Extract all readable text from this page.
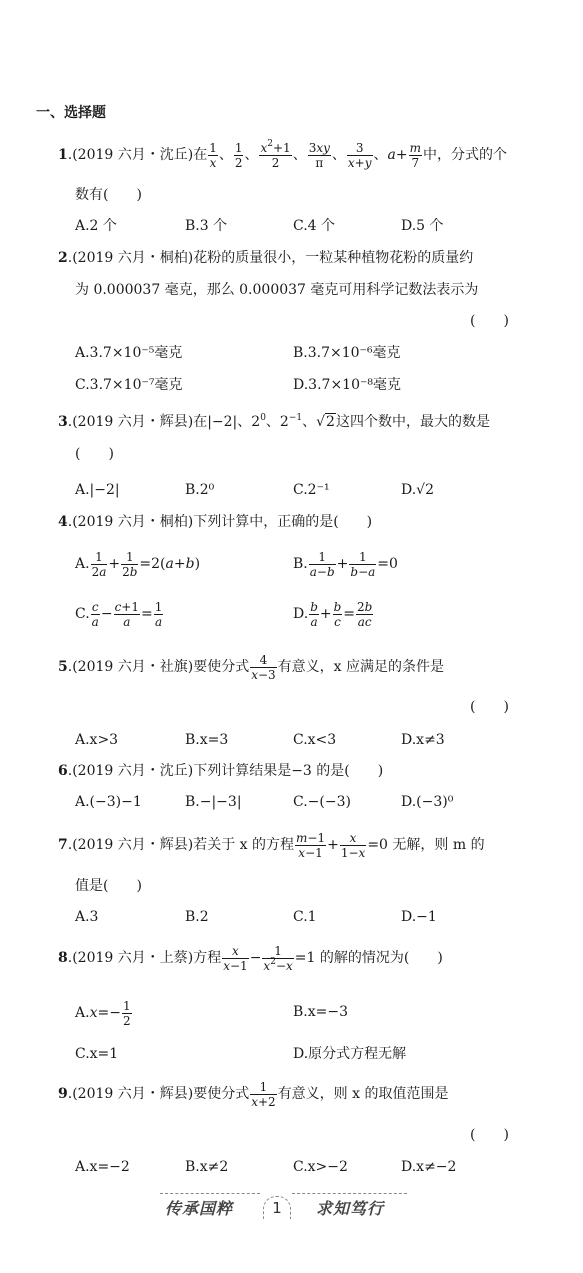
一、选择题
1.(2019 六月・沈丘)在 $\frac{1}{x}$ 、 $\frac{1}{2}$ 、 $\frac{x^2+1}{2}$ 、 $\frac{3xy}{\pi}$ 、 $\frac{3}{x+y}$ 、$a+ \frac{m}{7}$ 中，分式的个
数有(　　)
A.2 个	B.3 个	C.4 个	D.5 个
2.(2019 六月・桐柏)花粉的质量很小，一粒某种植物花粉的质量约
为 0.000037 毫克，那么 0.000037 毫克可用科学记数法表示为
(　　)
A.3.7×10⁻⁵毫克	B.3.7×10⁻⁶毫克
C.3.7×10⁻⁷毫克	D.3.7×10⁻⁸毫克
3.(2019 六月・辉县)在|−2|、$2^0$、$2^{-1}$、√2这四个数中，最大的数是
(　　)
A.|−2|	B.2⁰	C.2⁻¹	D.√2
4.(2019 六月・桐柏)下列计算中，正确的是(　　)
A. $\frac{1}{2a} + \frac{1}{2b} =2(a+b)$	B. $\frac{1}{a-b} + \frac{1}{b-a} =0$
C. $\frac{c}{a} - \frac{c+1}{a} = \frac{1}{a}$	D. $\frac{b}{a} + \frac{b}{c} = \frac{2b}{ac}$
5.(2019 六月・社旗)要使分式 $\frac{4}{x-3}$ 有意义，x 应满足的条件是
(　　)
A.x>3	B.x=3	C.x<3	D.x≠3
6.(2019 六月・沈丘)下列计算结果是−3 的是(　　)
A.(−3)−1	B.−|−3|	C.−(−3)	D.(−3)⁰
7.(2019 六月・辉县)若关于 x 的方程 $\frac{m-1}{x-1} + \frac{x}{1-x} =0$ 无解，则 m 的
值是(　　)
A.3	B.2	C.1	D.−1
8.(2019 六月・上蔡)方程 $\frac{x}{x-1} - \frac{1}{x^2-x} =1$ 的解的情况为(　　)
$A.x=- \frac{1}{2}$	B.x=−3
C.x=1	D.原分式方程无解
9.(2019 六月・辉县)要使分式 $\frac{1}{x+2}$ 有意义，则 x 的取值范围是
(　　)
A.x=−2	B.x≠2	C.x>−2	D.x≠−2
传承国粹	1	求知笃行
